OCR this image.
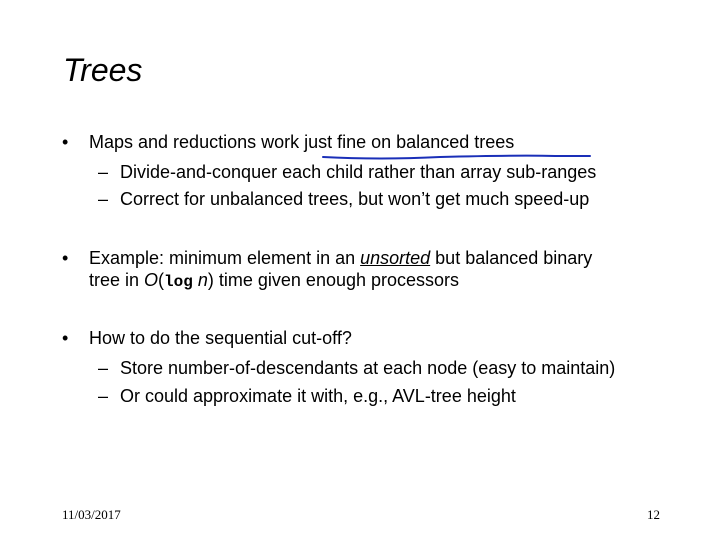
Trees
• Maps and reductions work just fine on balanced trees
– Divide-and-conquer each child rather than array sub-ranges
– Correct for unbalanced trees, but won’t get much speed-up
• Example: minimum element in an unsorted but balanced binary
tree in O(log n) time given enough processors
• How to do the sequential cut-off?
– Store number-of-descendants at each node (easy to maintain)
– Or could approximate it with, e.g., AVL-tree height
11/03/2017	12
